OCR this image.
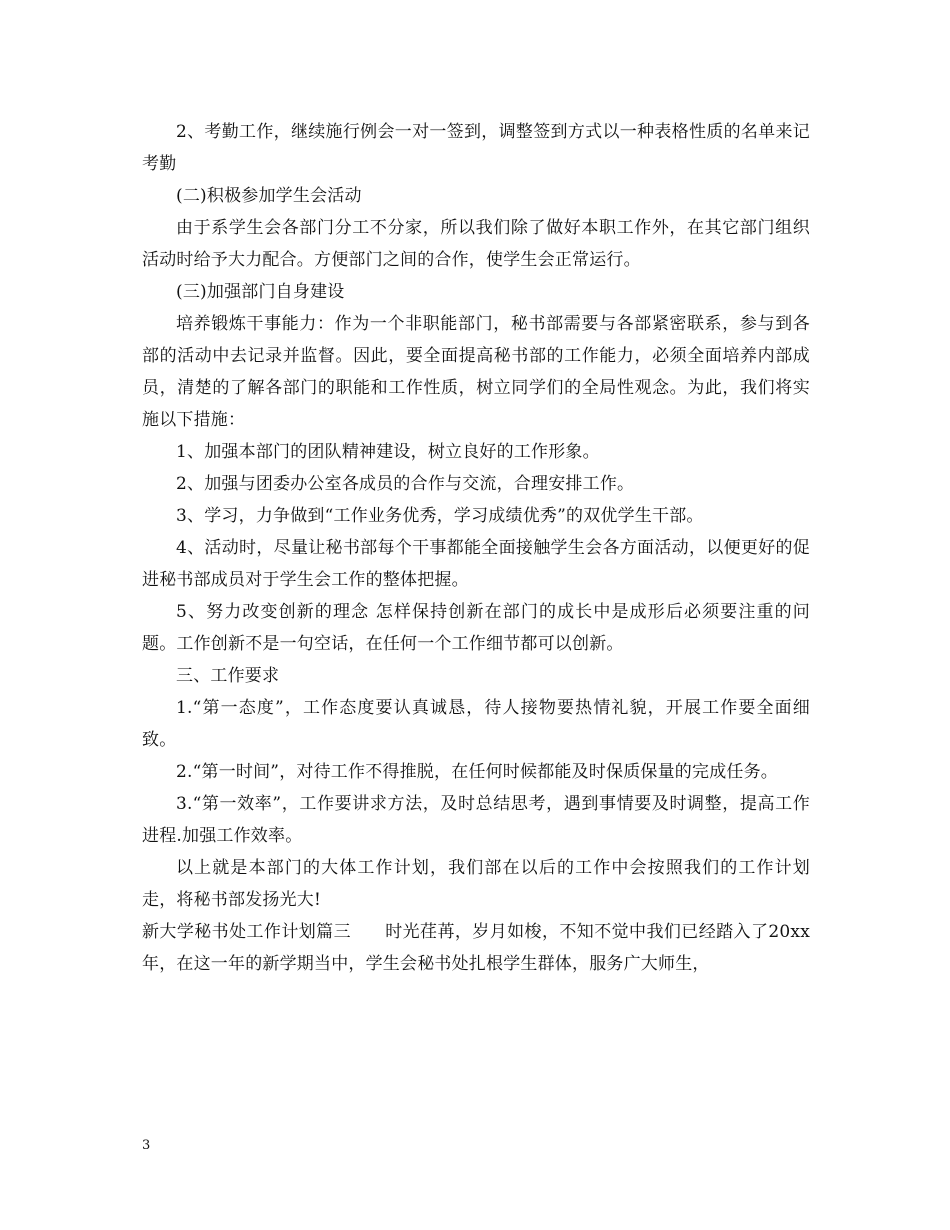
2、考勤工作，继续施行例会一对一签到，调整签到方式以一种表格性质的名单来记考勤

(二)积极参加学生会活动

由于系学生会各部门分工不分家，所以我们除了做好本职工作外，在其它部门组织活动时给予大力配合。方便部门之间的合作，使学生会正常运行。

(三)加强部门自身建设

培养锻炼干事能力：作为一个非职能部门，秘书部需要与各部紧密联系，参与到各部的活动中去记录并监督。因此，要全面提高秘书部的工作能力，必须全面培养内部成员，清楚的了解各部门的职能和工作性质，树立同学们的全局性观念。为此，我们将实施以下措施：

1、加强本部门的团队精神建设，树立良好的工作形象。

2、加强与团委办公室各成员的合作与交流，合理安排工作。

3、学习，力争做到“工作业务优秀，学习成绩优秀”的双优学生干部。

4、活动时，尽量让秘书部每个干事都能全面接触学生会各方面活动，以便更好的促进秘书部成员对于学生会工作的整体把握。

5、努力改变创新的理念 怎样保持创新在部门的成长中是成形后必须要注重的问题。工作创新不是一句空话，在任何一个工作细节都可以创新。

三、工作要求

1.“第一态度”，工作态度要认真诚恳，待人接物要热情礼貌，开展工作要全面细致。

2.“第一时间”，对待工作不得推脱，在任何时候都能及时保质保量的完成任务。

3.“第一效率”，工作要讲求方法，及时总结思考，遇到事情要及时调整，提高工作进程.加强工作效率。

以上就是本部门的大体工作计划，我们部在以后的工作中会按照我们的工作计划走，将秘书部发扬光大!

新大学秘书处工作计划篇三 时光荏苒，岁月如梭，不知不觉中我们已经踏入了20xx年，在这一年的新学期当中，学生会秘书处扎根学生群体，服务广大师生，

3
